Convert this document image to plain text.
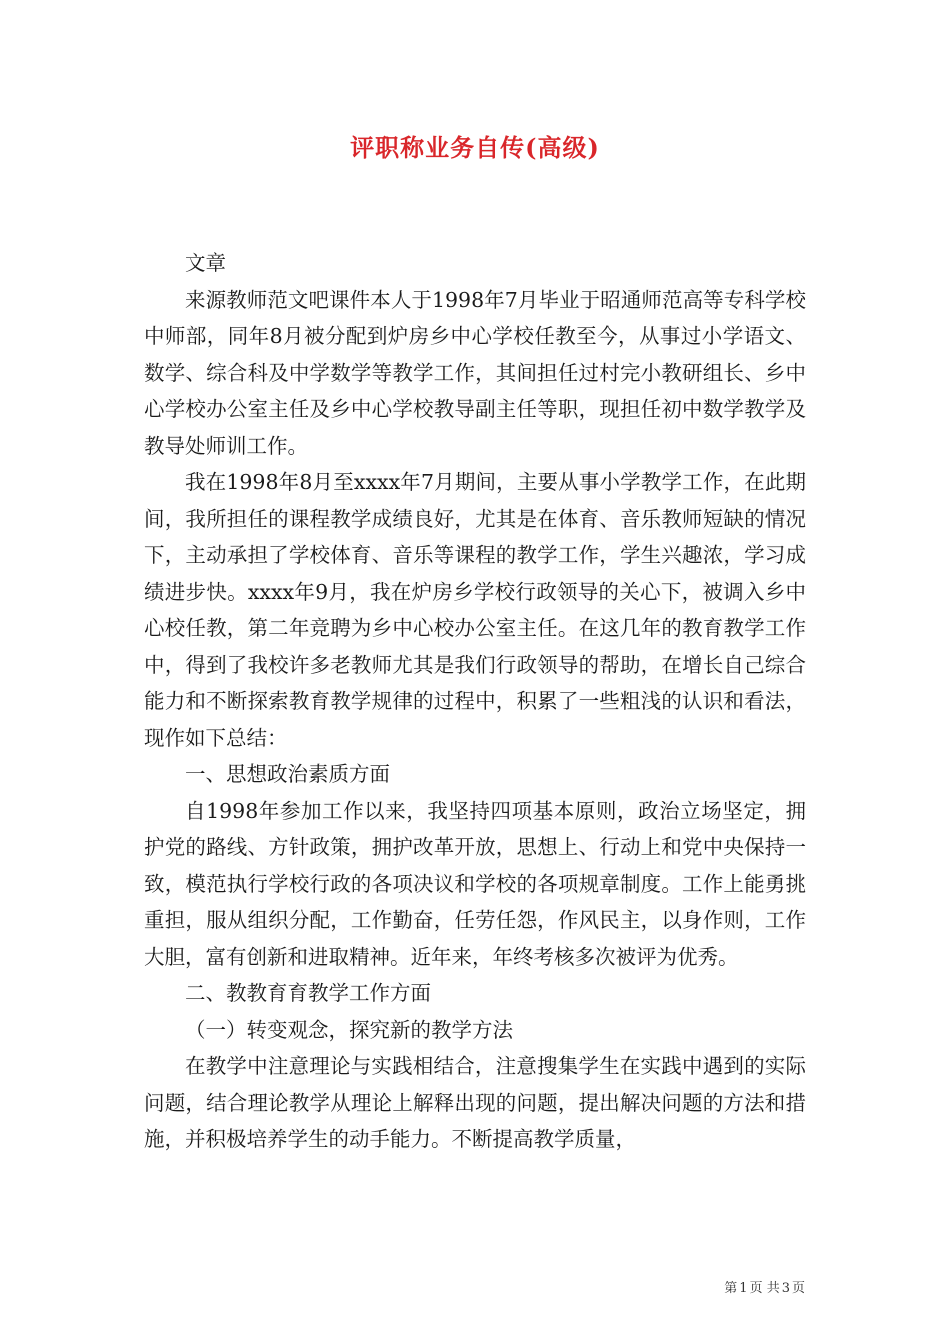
评职称业务自传(高级)

文章

来源教师范文吧课件本人于1998年7月毕业于昭通师范高等专科学校中师部，同年8月被分配到炉房乡中心学校任教至今，从事过小学语文、数学、综合科及中学数学等教学工作，其间担任过村完小教研组长、乡中心学校办公室主任及乡中心学校教导副主任等职，现担任初中数学教学及教导处师训工作。

我在1998年8月至xxxx年7月期间，主要从事小学教学工作，在此期间，我所担任的课程教学成绩良好，尤其是在体育、音乐教师短缺的情况下，主动承担了学校体育、音乐等课程的教学工作，学生兴趣浓，学习成绩进步快。xxxx年9月，我在炉房乡学校行政领导的关心下，被调入乡中心校任教，第二年竞聘为乡中心校办公室主任。在这几年的教育教学工作中，得到了我校许多老教师尤其是我们行政领导的帮助，在增长自己综合能力和不断探索教育教学规律的过程中，积累了一些粗浅的认识和看法，现作如下总结：

一、思想政治素质方面

自1998年参加工作以来，我坚持四项基本原则，政治立场坚定，拥护党的路线、方针政策，拥护改革开放，思想上、行动上和党中央保持一致，模范执行学校行政的各项决议和学校的各项规章制度。工作上能勇挑重担，服从组织分配，工作勤奋，任劳任怨，作风民主，以身作则，工作大胆，富有创新和进取精神。近年来，年终考核多次被评为优秀。

二、教教育育教学工作方面

（一）转变观念，探究新的教学方法

在教学中注意理论与实践相结合，注意搜集学生在实践中遇到的实际问题，结合理论教学从理论上解释出现的问题，提出解决问题的方法和措施，并积极培养学生的动手能力。不断提高教学质量，

第 1 页 共 3 页
